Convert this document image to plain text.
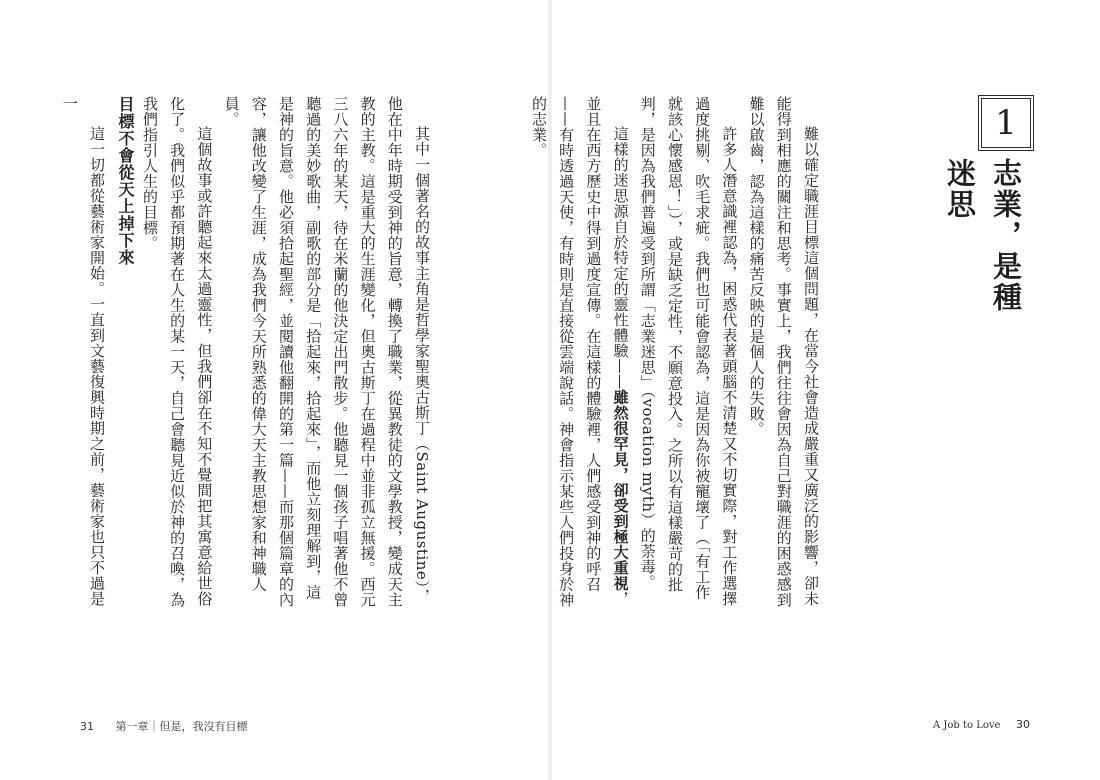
1
志業，是種迷思

難以確定職涯目標這個問題，在當今社會造成嚴重又廣泛的影響，卻未能得到相應的關注和思考。事實上，我們往往會因為自己對職涯的困惑感到難以啟齒，認為這樣的痛苦反映的是個人的失敗。

許多人潛意識裡認為，困惑代表著頭腦不清楚又不切實際，對工作選擇過度挑剔、吹毛求疵。我們也可能會認為，這是因為你被寵壞了（「有工作就該心懷感恩！」），或是缺乏定性，不願意投入。之所以有這樣嚴苛的批判，是因為我們普遍受到所謂「志業迷思」（vocation myth）的荼毒。

這樣的迷思源自於特定的靈性體驗——雖然很罕見，卻受到極大重視，並且在西方歷史中得到過度宣傳。在這樣的體驗裡，人們感受到神的呼召——有時透過天使，有時則是直接從雲端說話。神會指示某些人們投身於神的志業。

A Job to Love 30

其中一個著名的故事主角是哲學家聖奧古斯丁（Saint Augustine），他在中年時期受到神的旨意，轉換了職業，從異教徒的文學教授，變成天主教的主教。這是重大的生涯變化，但奧古斯丁在過程中並非孤立無援。西元三八六年的某天，待在米蘭的他決定出門散步。他聽見一個孩子唱著他不曾聽過的美妙歌曲，副歌的部分是「拾起來，拾起來」，而他立刻理解到，這是神的旨意。他必須拾起聖經，並閱讀他翻開的第一篇——而那個篇章的內容，讓他改變了生涯，成為我們今天所熟悉的偉大天主教思想家和神職人員。

這個故事或許聽起來太過靈性，但我們卻在不知不覺間把其寓意給世俗化了。我們似乎都預期著在人生的某一天，自己會聽見近似於神的召喚，為我們指引人生的目標。

目標不會從天上掉下來

這一切都從藝術家開始。一直到文藝復興時期之前，藝術家也只不過是一

31 第一章｜但是，我沒有目標
